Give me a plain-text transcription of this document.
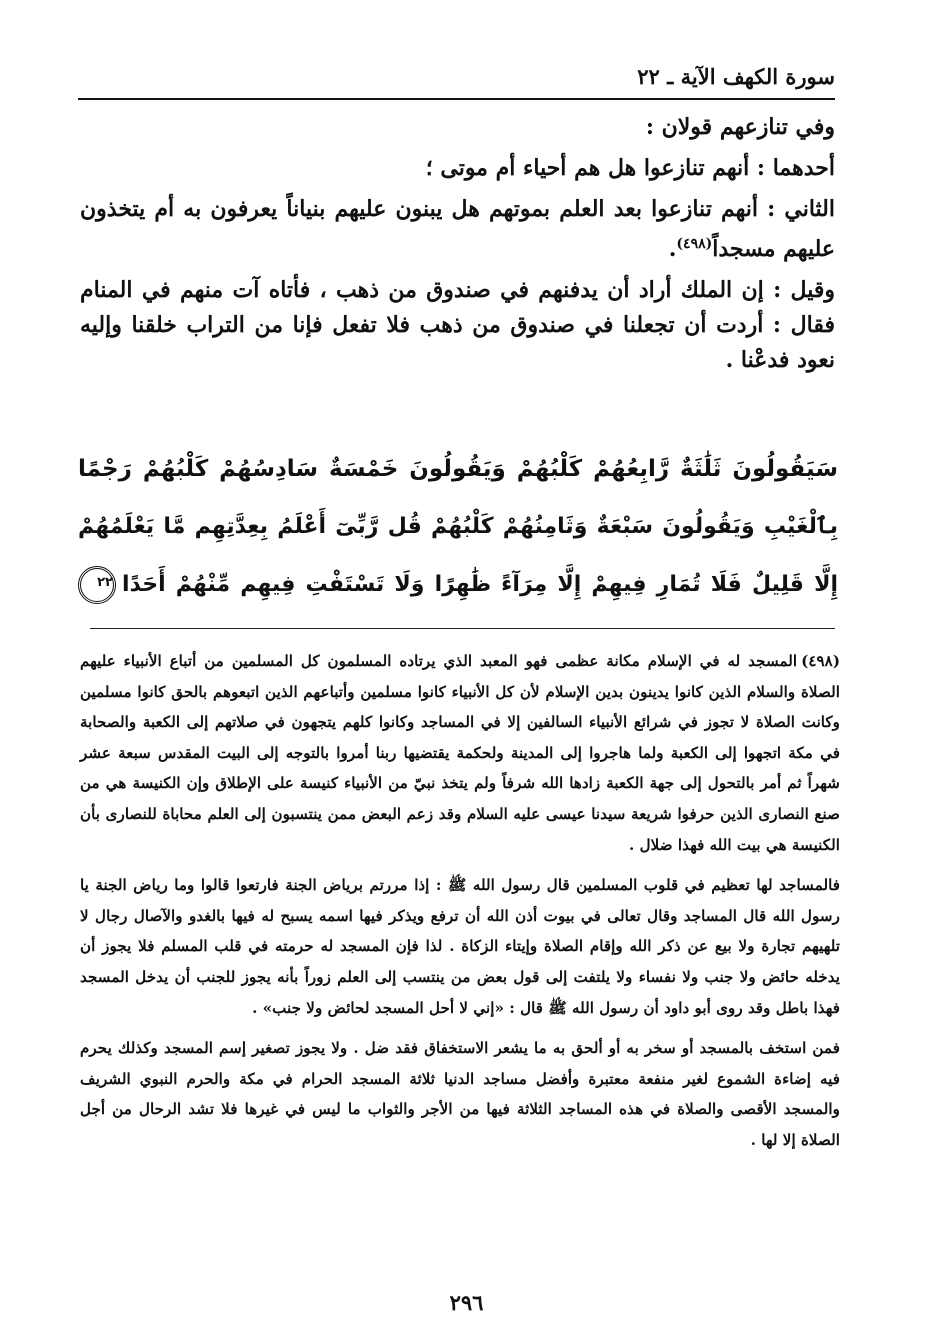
سورة الكهف الآية ـ ٢٢

وفي تنازعهم قولان :

أحدهما : أنهم تنازعوا هل هم أحياء أم موتى ؛

الثاني : أنهم تنازعوا بعد العلم بموتهم هل يبنون عليهم بنياناً يعرفون به أم يتخذون عليهم مسجداً$^{(٤٩٨)}$.

وقيل : إن الملك أراد أن يدفنهم في صندوق من ذهب ، فأتاه آت منهم في المنام فقال : أردت أن تجعلنا في صندوق من ذهب فلا تفعل فإنا من التراب خلقنا وإليه نعود فدعْنا .

سَيَقُولُونَ ثَلَٰثَةٌ رَّابِعُهُمْ كَلْبُهُمْ وَيَقُولُونَ خَمْسَةٌ سَادِسُهُمْ كَلْبُهُمْ رَجْمًا
بِٱلْغَيْبِ وَيَقُولُونَ سَبْعَةٌ وَثَامِنُهُمْ كَلْبُهُمْ قُل رَّبِّىٓ أَعْلَمُ بِعِدَّتِهِم مَّا يَعْلَمُهُمْ
إِلَّا قَلِيلٌ فَلَا تُمَارِ فِيهِمْ إِلَّا مِرَآءً ظَٰهِرًا وَلَا تَسْتَفْتِ فِيهِم مِّنْهُمْ أَحَدًا٢٢

(٤٩٨)المسجد له في الإسلام مكانة عظمى فهو المعبد الذي يرتاده المسلمون كل المسلمين من أتباع الأنبياء عليهم الصلاة والسلام الذين كانوا يدينون بدين الإسلام لأن كل الأنبياء كانوا مسلمين وأتباعهم الذين اتبعوهم بالحق كانوا مسلمين وكانت الصلاة لا تجوز في شرائع الأنبياء السالفين إلا في المساجد وكانوا كلهم يتجهون في صلاتهم إلى الكعبة والصحابة في مكة اتجهوا إلى الكعبة ولما هاجروا إلى المدينة ولحكمة يقتضيها ربنا أمروا بالتوجه إلى البيت المقدس سبعة عشر شهراً ثم أمر بالتحول إلى جهة الكعبة زادها الله شرفاً ولم يتخذ نبيّ من الأنبياء كنيسة على الإطلاق وإن الكنيسة هي من صنع النصارى الذين حرفوا شريعة سيدنا عيسى عليه السلام وقد زعم البعض ممن ينتسبون إلى العلم محاباة للنصارى بأن الكنيسة هي بيت الله فهذا ضلال .

فالمساجد لها تعظيم في قلوب المسلمين قال رسول الله ﷺ : إذا مررتم برياض الجنة فارتعوا قالوا وما رياض الجنة يا رسول الله قال المساجد وقال تعالى في بيوت أذن الله أن ترفع ويذكر فيها اسمه يسبح له فيها بالغدو والآصال رجال لا تلهيهم تجارة ولا بيع عن ذكر الله وإقام الصلاة وإيتاء الزكاة . لذا فإن المسجد له حرمته في قلب المسلم فلا يجوز أن يدخله حائض ولا جنب ولا نفساء ولا يلتفت إلى قول بعض من ينتسب إلى العلم زوراً بأنه يجوز للجنب أن يدخل المسجد فهذا باطل وقد روى أبو داود أن رسول الله ﷺ قال : «إني لا أحل المسجد لحائض ولا جنب» .

فمن استخف بالمسجد أو سخر به أو ألحق به ما يشعر الاستخفاق فقد ضل . ولا يجوز تصغير إسم المسجد وكذلك يحرم فيه إضاءة الشموع لغير منفعة معتبرة وأفضل مساجد الدنيا ثلاثة المسجد الحرام في مكة والحرم النبوي الشريف والمسجد الأقصى والصلاة في هذه المساجد الثلاثة فيها من الأجر والثواب ما ليس في غيرها فلا تشد الرحال من أجل الصلاة إلا لها .

٢٩٦
